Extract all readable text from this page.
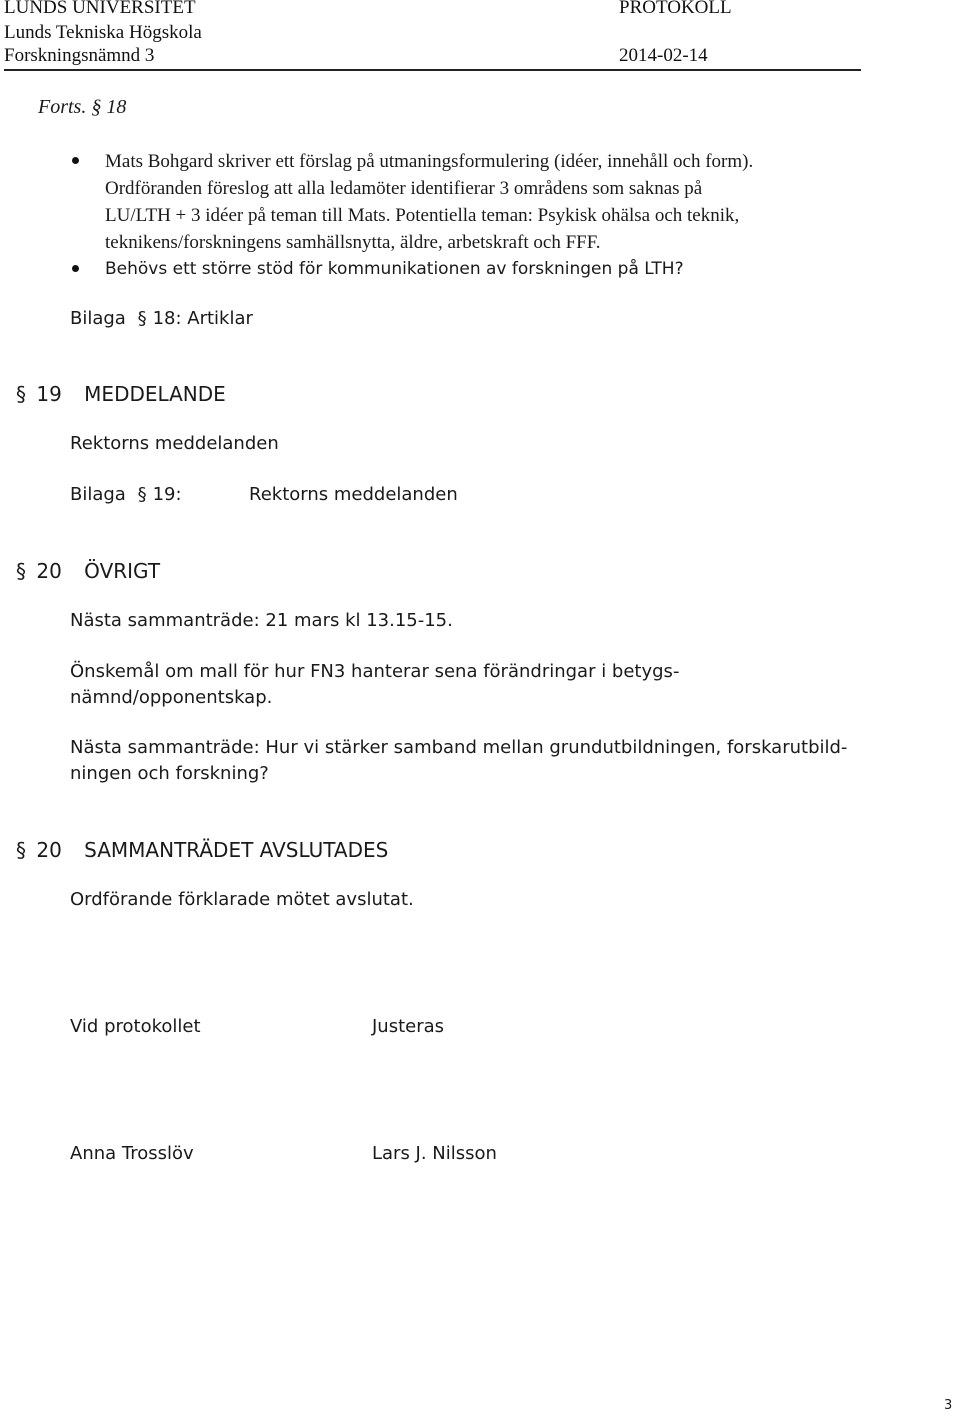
LUNDS UNIVERSITET
Lunds Tekniska Högskola
Forskningsnämnd 3
PROTOKOLL
2014-02-14
Forts. § 18
Mats Bohgard skriver ett förslag på utmaningsformulering (idéer, innehåll och form).
Ordföranden föreslog att alla ledamöter identifierar 3 områdens som saknas på
LU/LTH + 3 idéer på teman till Mats. Potentiella teman: Psykisk ohälsa och teknik,
teknikens/forskningens samhällsnytta, äldre, arbetskraft och FFF.
Behövs ett större stöd för kommunikationen av forskningen på LTH?
Bilaga § 18: Artiklar
§ 19 MEDDELANDE
Rektorns meddelanden
Bilaga § 19:	Rektorns meddelanden
§ 20 ÖVRIGT
Nästa sammanträde: 21 mars kl 13.15-15.
Önskemål om mall för hur FN3 hanterar sena förändringar i betygs-
nämnd/opponentskap.
Nästa sammanträde: Hur vi stärker samband mellan grundutbildningen, forskarutbild-
ningen och forskning?
§ 20 SAMMANTRÄDET AVSLUTADES
Ordförande förklarade mötet avslutat.
Vid protokollet	Justeras
Anna Trosslöv	Lars J. Nilsson
3
